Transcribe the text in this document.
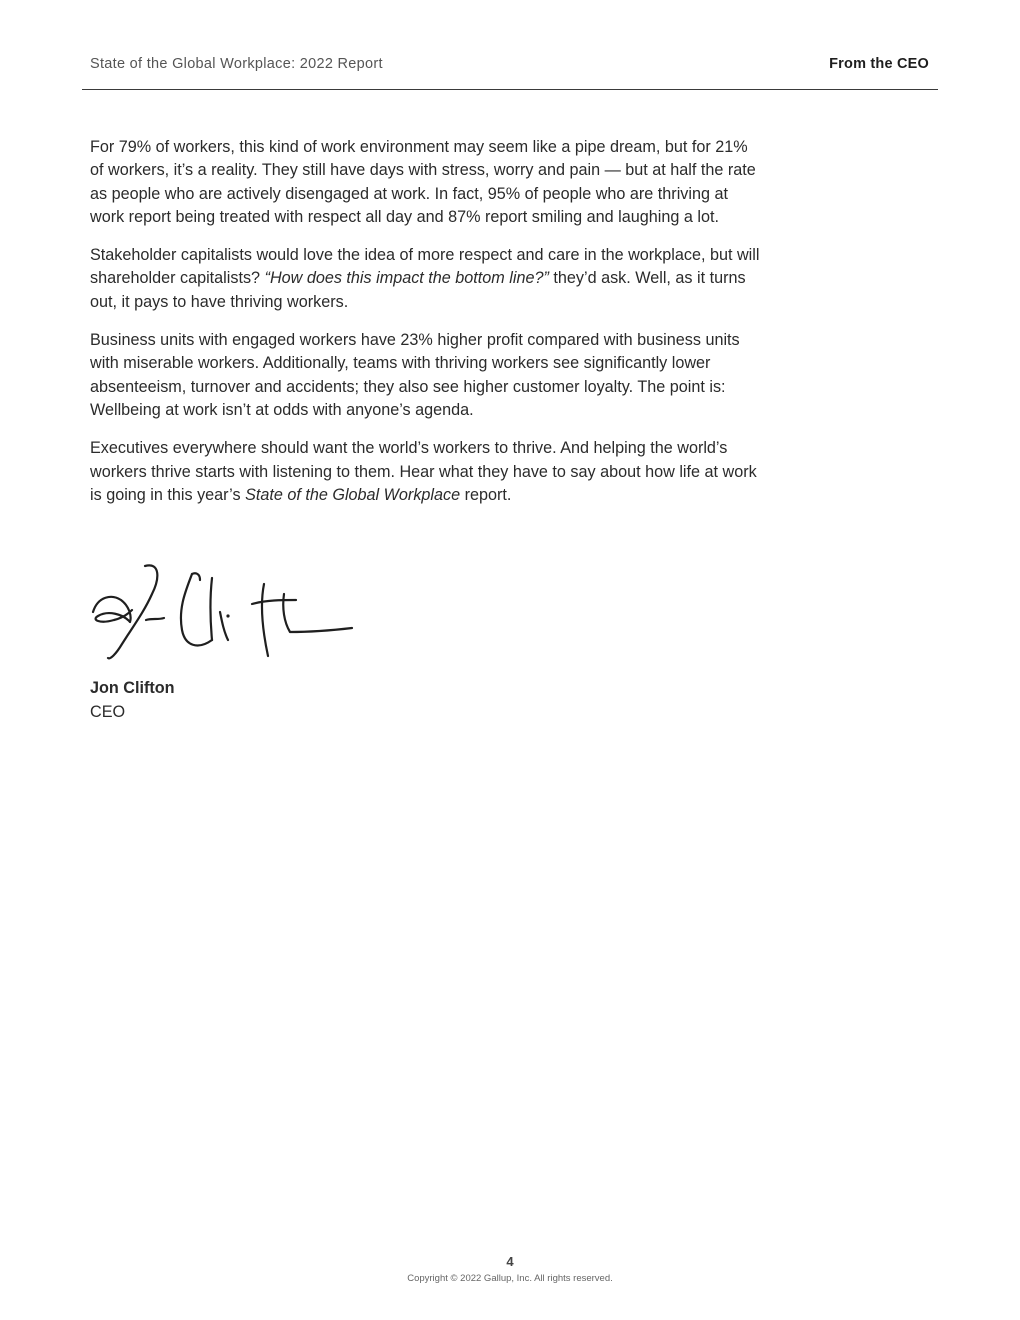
State of the Global Workplace: 2022 Report	From the CEO

For 79% of workers, this kind of work environment may seem like a pipe dream, but for 21% of workers, it’s a reality. They still have days with stress, worry and pain — but at half the rate as people who are actively disengaged at work. In fact, 95% of people who are thriving at work report being treated with respect all day and 87% report smiling and laughing a lot.

Stakeholder capitalists would love the idea of more respect and care in the workplace, but will shareholder capitalists? “How does this impact the bottom line?” they’d ask. Well, as it turns out, it pays to have thriving workers.

Business units with engaged workers have 23% higher profit compared with business units with miserable workers. Additionally, teams with thriving workers see significantly lower absenteeism, turnover and accidents; they also see higher customer loyalty. The point is: Wellbeing at work isn’t at odds with anyone’s agenda.

Executives everywhere should want the world’s workers to thrive. And helping the world’s workers thrive starts with listening to them. Hear what they have to say about how life at work is going in this year’s State of the Global Workplace report.

Jon Clifton
CEO
4
Copyright © 2022 Gallup, Inc. All rights reserved.
